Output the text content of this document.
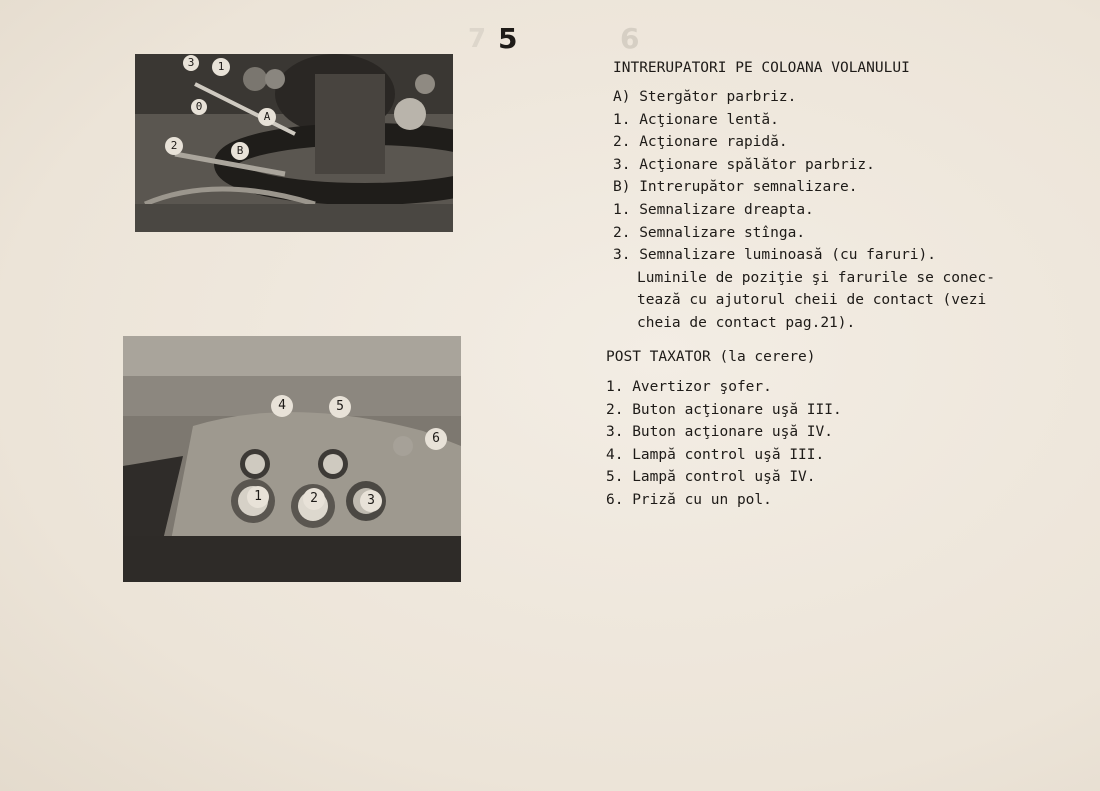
7	6
5
3	1
0
A
2	B
4	5
6
1	2	3
INTRERUPATORI PE COLOANA VOLANULUI
A) Stergător parbriz.
1. Acţionare lentă.
2. Acţionare rapidă.
3. Acţionare spălător parbriz.
B) Intrerupător semnalizare.
1. Semnalizare dreapta.
2. Semnalizare stînga.
3. Semnalizare luminoasă (cu faruri).
Luminile de poziţie şi farurile se conec-
tează cu ajutorul cheii de contact (vezi
cheia de contact pag.21).
POST TAXATOR (la cerere)
1. Avertizor şofer.
2. Buton acţionare uşă III.
3. Buton acţionare uşă IV.
4. Lampă control uşă III.
5. Lampă control uşă IV.
6. Priză cu un pol.
